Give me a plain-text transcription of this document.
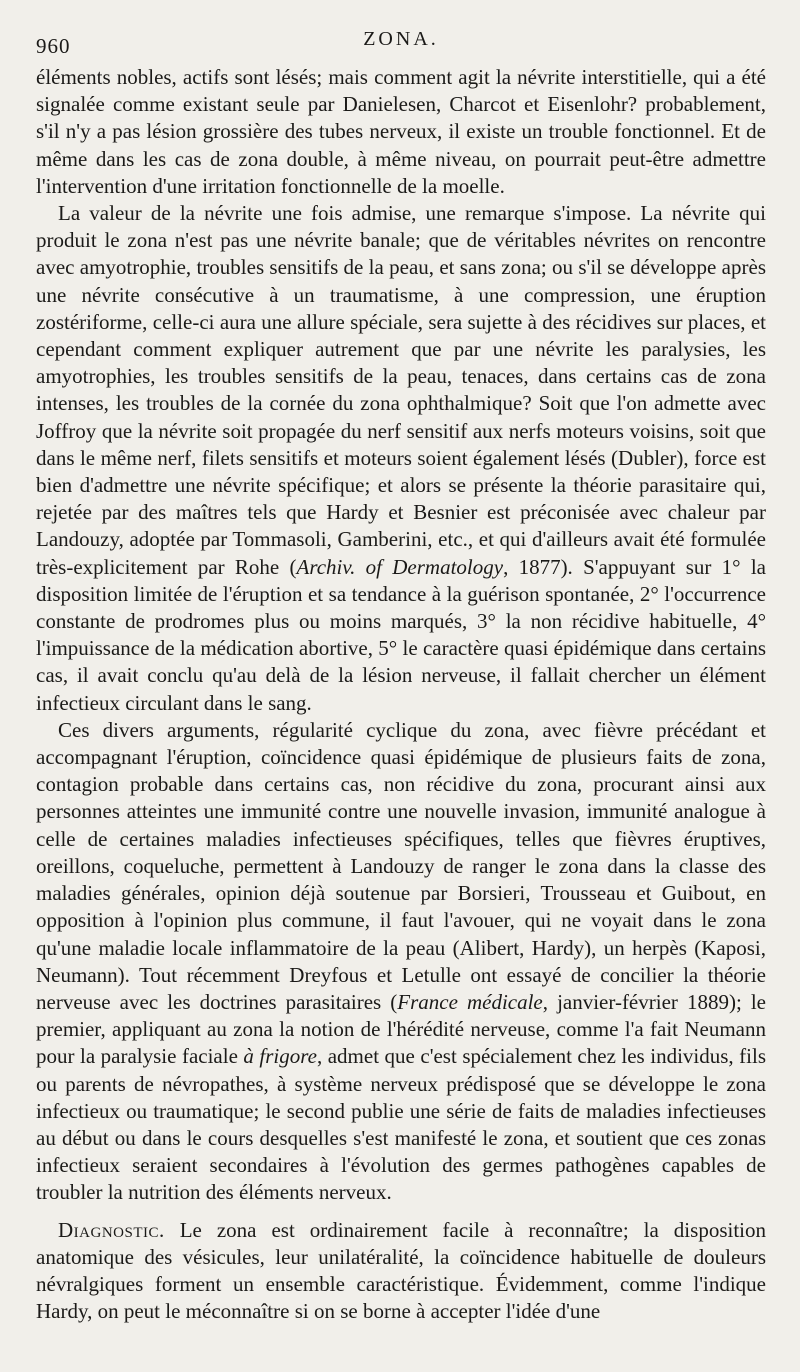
960	ZONA.

éléments nobles, actifs sont lésés; mais comment agit la névrite interstitielle, qui a été signalée comme existant seule par Danielesen, Charcot et Eisenlohr? probablement, s'il n'y a pas lésion grossière des tubes nerveux, il existe un trouble fonctionnel. Et de même dans les cas de zona double, à même niveau, on pourrait peut-être admettre l'intervention d'une irritation fonctionnelle de la moelle.

La valeur de la névrite une fois admise, une remarque s'impose. La névrite qui produit le zona n'est pas une névrite banale; que de véritables névrites on rencontre avec amyotrophie, troubles sensitifs de la peau, et sans zona; ou s'il se développe après une névrite consécutive à un traumatisme, à une compression, une éruption zostériforme, celle-ci aura une allure spéciale, sera sujette à des récidives sur places, et cependant comment expliquer autrement que par une névrite les paralysies, les amyotrophies, les troubles sensitifs de la peau, tenaces, dans certains cas de zona intenses, les troubles de la cornée du zona ophthalmique? Soit que l'on admette avec Joffroy que la névrite soit propagée du nerf sensitif aux nerfs moteurs voisins, soit que dans le même nerf, filets sensitifs et moteurs soient également lésés (Dubler), force est bien d'admettre une névrite spécifique; et alors se présente la théorie parasitaire qui, rejetée par des maîtres tels que Hardy et Besnier est préconisée avec chaleur par Landouzy, adoptée par Tommasoli, Gamberini, etc., et qui d'ailleurs avait été formulée très-explicitement par Rohe (Archiv. of Dermatology, 1877). S'appuyant sur 1° la disposition limitée de l'éruption et sa tendance à la guérison spontanée, 2° l'occurrence constante de prodromes plus ou moins marqués, 3° la non récidive habituelle, 4° l'impuissance de la médication abortive, 5° le caractère quasi épidémique dans certains cas, il avait conclu qu'au delà de la lésion nerveuse, il fallait chercher un élément infectieux circulant dans le sang.

Ces divers arguments, régularité cyclique du zona, avec fièvre précédant et accompagnant l'éruption, coïncidence quasi épidémique de plusieurs faits de zona, contagion probable dans certains cas, non récidive du zona, procurant ainsi aux personnes atteintes une immunité contre une nouvelle invasion, immunité analogue à celle de certaines maladies infectieuses spécifiques, telles que fièvres éruptives, oreillons, coqueluche, permettent à Landouzy de ranger le zona dans la classe des maladies générales, opinion déjà soutenue par Borsieri, Trousseau et Guibout, en opposition à l'opinion plus commune, il faut l'avouer, qui ne voyait dans le zona qu'une maladie locale inflammatoire de la peau (Alibert, Hardy), un herpès (Kaposi, Neumann). Tout récemment Dreyfous et Letulle ont essayé de concilier la théorie nerveuse avec les doctrines parasitaires (France médicale, janvier-février 1889); le premier, appliquant au zona la notion de l'hérédité nerveuse, comme l'a fait Neumann pour la paralysie faciale à frigore, admet que c'est spécialement chez les individus, fils ou parents de névropathes, à système nerveux prédisposé que se développe le zona infectieux ou traumatique; le second publie une série de faits de maladies infectieuses au début ou dans le cours desquelles s'est manifesté le zona, et soutient que ces zonas infectieux seraient secondaires à l'évolution des germes pathogènes capables de troubler la nutrition des éléments nerveux.

Diagnostic. Le zona est ordinairement facile à reconnaître; la disposition anatomique des vésicules, leur unilatéralité, la coïncidence habituelle de douleurs névralgiques forment un ensemble caractéristique. Évidemment, comme l'indique Hardy, on peut le méconnaître si on se borne à accepter l'idée d'une
